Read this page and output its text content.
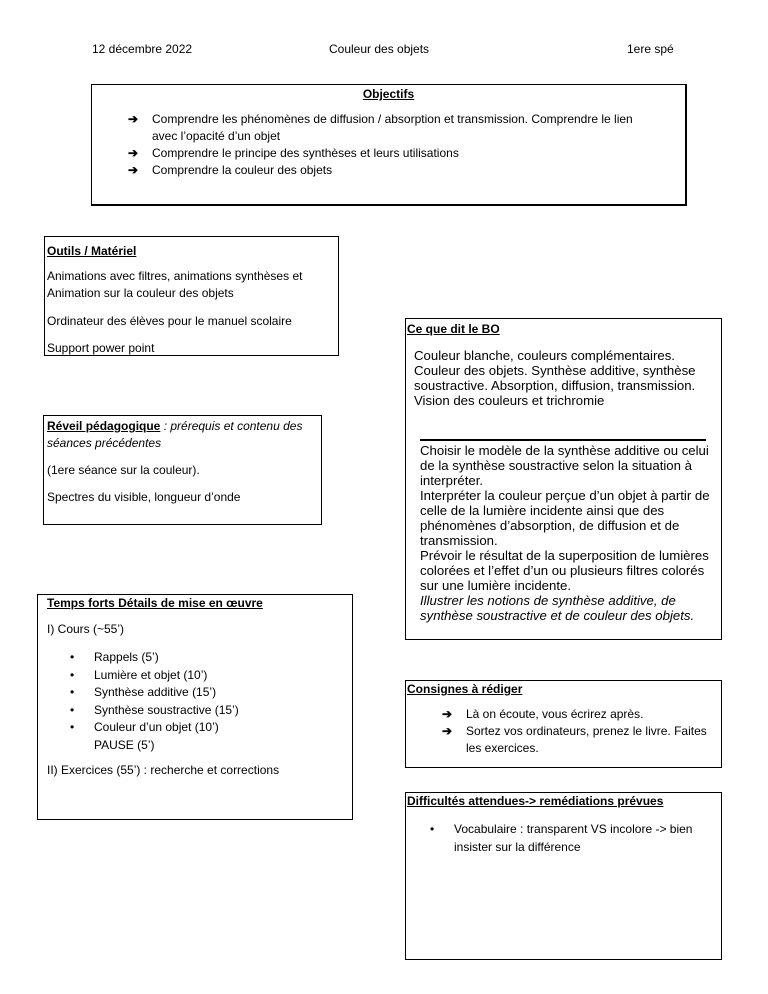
12 décembre 2022	Couleur des objets	1ere spé
Objectifs
➔ Comprendre les phénomènes de diffusion / absorption et transmission. Comprendre le lien avec l’opacité d’un objet
➔ Comprendre le principe des synthèses et leurs utilisations
➔ Comprendre la couleur des objets
Outils / Matériel
Animations avec filtres, animations synthèses et Animation sur la couleur des objets
Ordinateur des élèves pour le manuel scolaire
Support power point
Ce que dit le BO
Couleur blanche, couleurs complémentaires. Couleur des objets. Synthèse additive, synthèse soustractive. Absorption, diffusion, transmission.
Vision des couleurs et trichromie
Choisir le modèle de la synthèse additive ou celui de la synthèse soustractive selon la situation à interpréter.
Interpréter la couleur perçue d’un objet à partir de celle de la lumière incidente ainsi que des phénomènes d’absorption, de diffusion et de transmission.
Prévoir le résultat de la superposition de lumières colorées et l’effet d’un ou plusieurs filtres colorés sur une lumière incidente.
Illustrer les notions de synthèse additive, de synthèse soustractive et de couleur des objets.
Réveil pédagogique : prérequis et contenu des séances précédentes
(1ere séance sur la couleur).
Spectres du visible, longueur d’onde
Temps forts Détails de mise en œuvre
I) Cours (~55’)
• Rappels (5’)
• Lumière et objet (10’)
• Synthèse additive (15’)
• Synthèse soustractive (15’)
• Couleur d’un objet (10’)
PAUSE (5’)
II) Exercices (55’) : recherche et corrections
Consignes à rédiger
➔ Là on écoute, vous écrirez après.
➔ Sortez vos ordinateurs, prenez le livre. Faites les exercices.
Difficultés attendues-> remédiations prévues
• Vocabulaire : transparent VS incolore -> bien insister sur la différence
